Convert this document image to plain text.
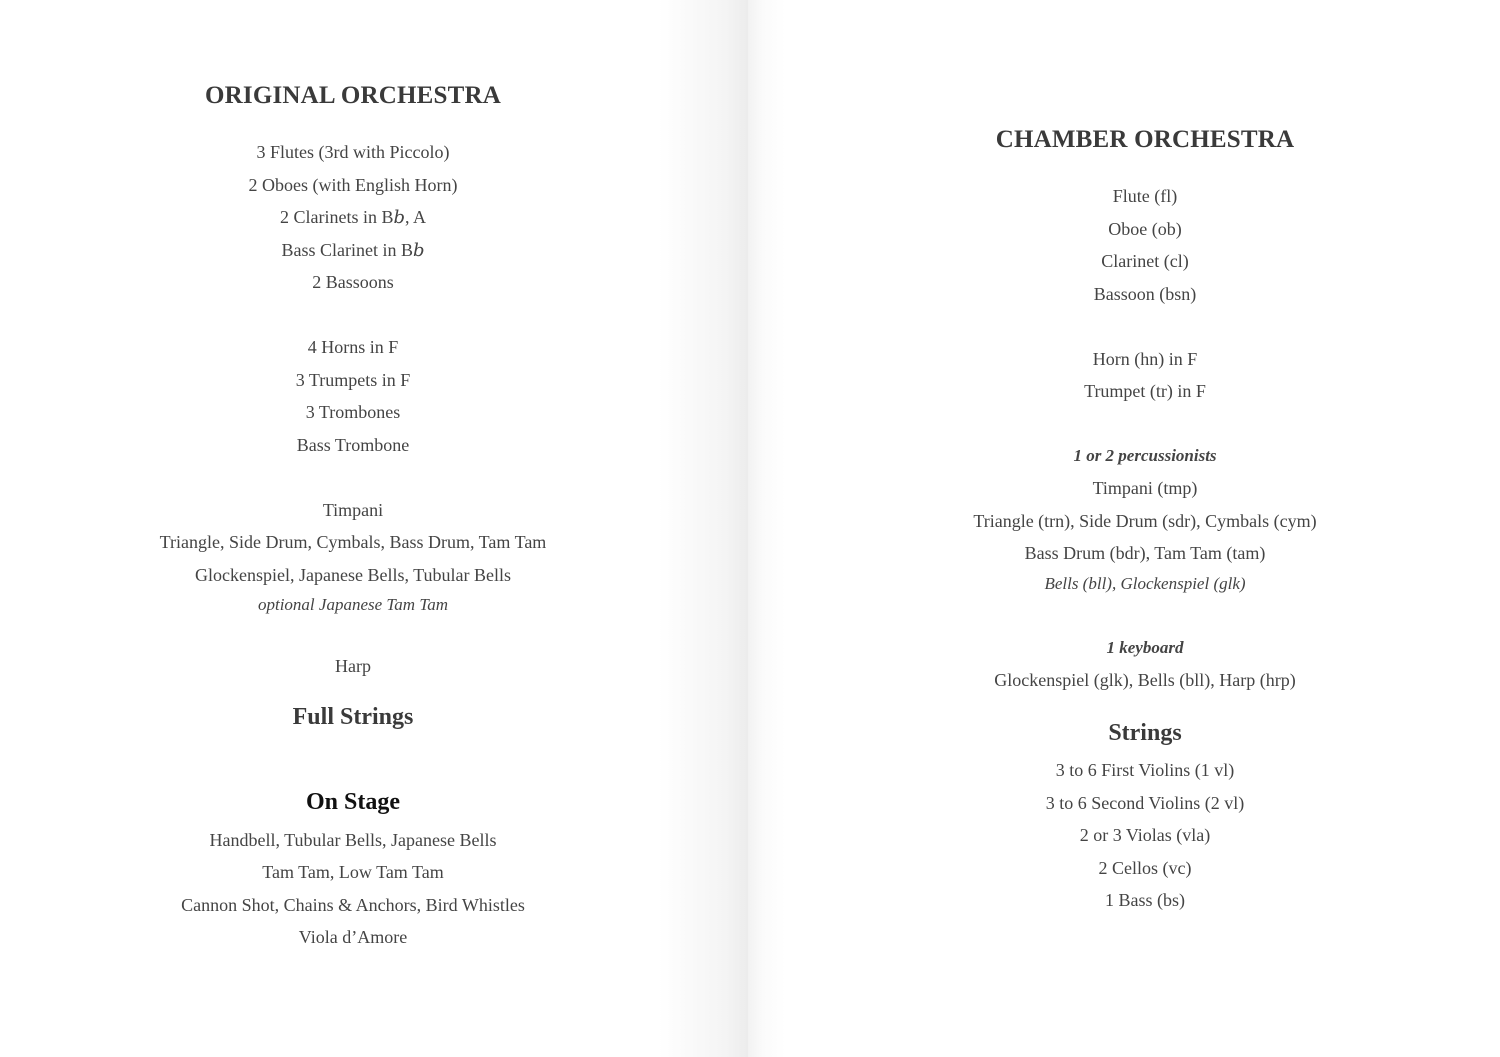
ORIGINAL ORCHESTRA
3 Flutes (3rd with Piccolo)
2 Oboes (with English Horn)
2 Clarinets in B𝑏, A
Bass Clarinet in B𝑏
2 Bassoons
4 Horns in F
3 Trumpets in F
3 Trombones
Bass Trombone
Timpani
Triangle, Side Drum, Cymbals, Bass Drum, Tam Tam
Glockenspiel, Japanese Bells, Tubular Bells
optional Japanese Tam Tam
Harp
Full Strings
On Stage
Handbell, Tubular Bells, Japanese Bells
Tam Tam, Low Tam Tam
Cannon Shot, Chains & Anchors, Bird Whistles
Viola d’Amore
CHAMBER ORCHESTRA
Flute (fl)
Oboe (ob)
Clarinet (cl)
Bassoon (bsn)
Horn (hn) in F
Trumpet (tr) in F
1 or 2 percussionists
Timpani (tmp)
Triangle (trn), Side Drum (sdr), Cymbals (cym)
Bass Drum (bdr), Tam Tam (tam)
Bells (bll), Glockenspiel (glk)
1 keyboard
Glockenspiel (glk), Bells (bll), Harp (hrp)
Strings
3 to 6 First Violins (1 vl)
3 to 6 Second Violins (2 vl)
2 or 3 Violas (vla)
2 Cellos (vc)
1 Bass (bs)
